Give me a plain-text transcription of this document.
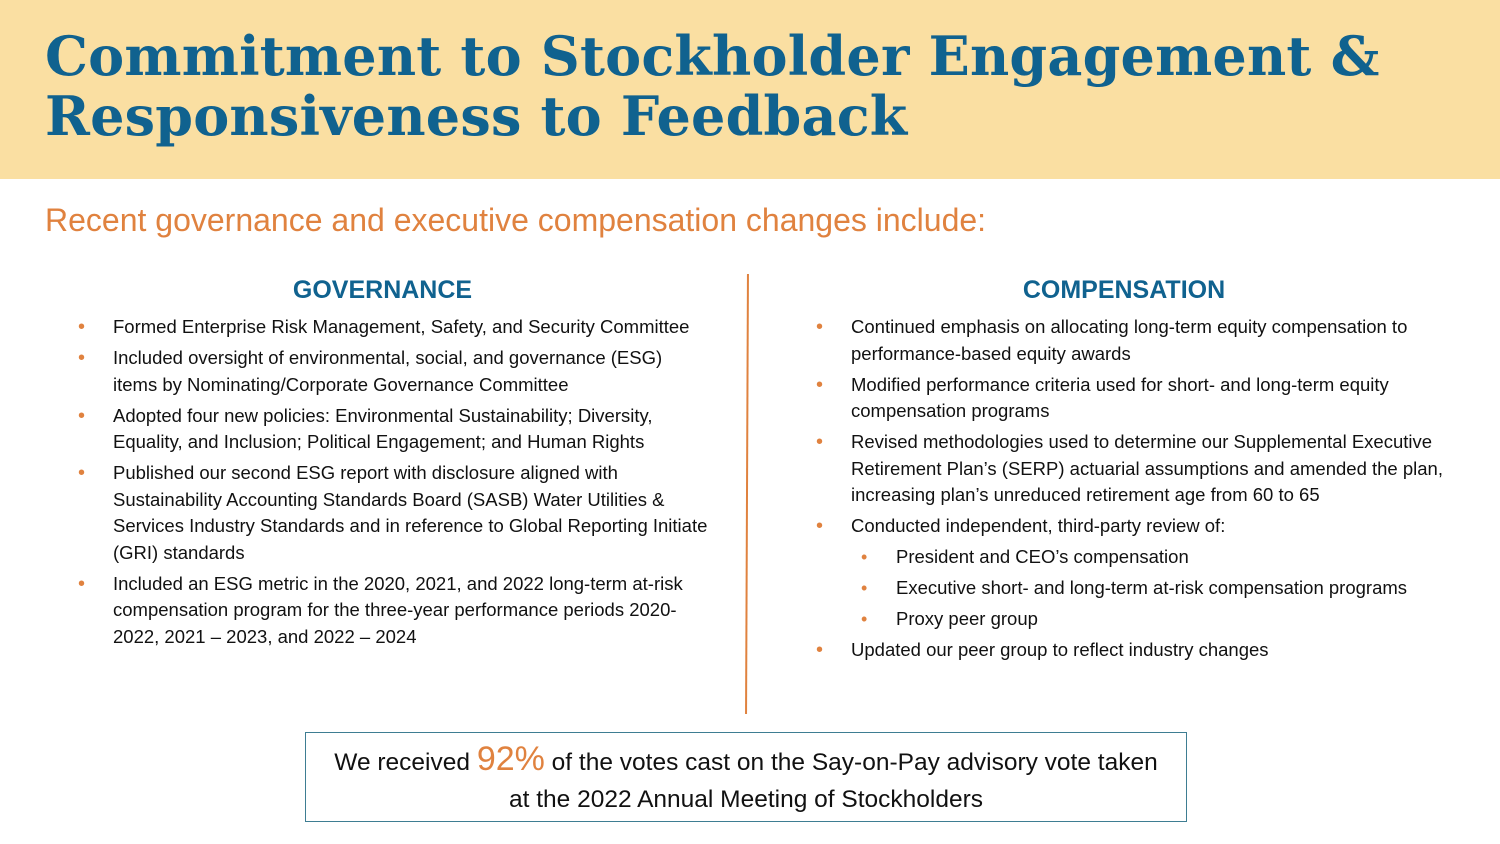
Commitment to Stockholder Engagement &
Responsiveness to Feedback
Recent governance and executive compensation changes include:
GOVERNANCE	COMPENSATION
• Formed Enterprise Risk Management, Safety, and Security Committee
• Included oversight of environmental, social, and governance (ESG) items by Nominating/Corporate Governance Committee
• Adopted four new policies: Environmental Sustainability; Diversity, Equality, and Inclusion; Political Engagement; and Human Rights
• Published our second ESG report with disclosure aligned with Sustainability Accounting Standards Board (SASB) Water Utilities & Services Industry Standards and in reference to Global Reporting Initiate (GRI) standards
• Included an ESG metric in the 2020, 2021, and 2022 long-term at-risk compensation program for the three-year performance periods 2020-2022, 2021 – 2023, and 2022 – 2024
• Continued emphasis on allocating long-term equity compensation to performance-based equity awards
• Modified performance criteria used for short- and long-term equity compensation programs
• Revised methodologies used to determine our Supplemental Executive Retirement Plan’s (SERP) actuarial assumptions and amended the plan, increasing plan’s unreduced retirement age from 60 to 65
• Conducted independent, third-party review of:
• President and CEO’s compensation
• Executive short- and long-term at-risk compensation programs
• Proxy peer group
• Updated our peer group to reflect industry changes
We received 92% of the votes cast on the Say-on-Pay advisory vote taken
at the 2022 Annual Meeting of Stockholders
